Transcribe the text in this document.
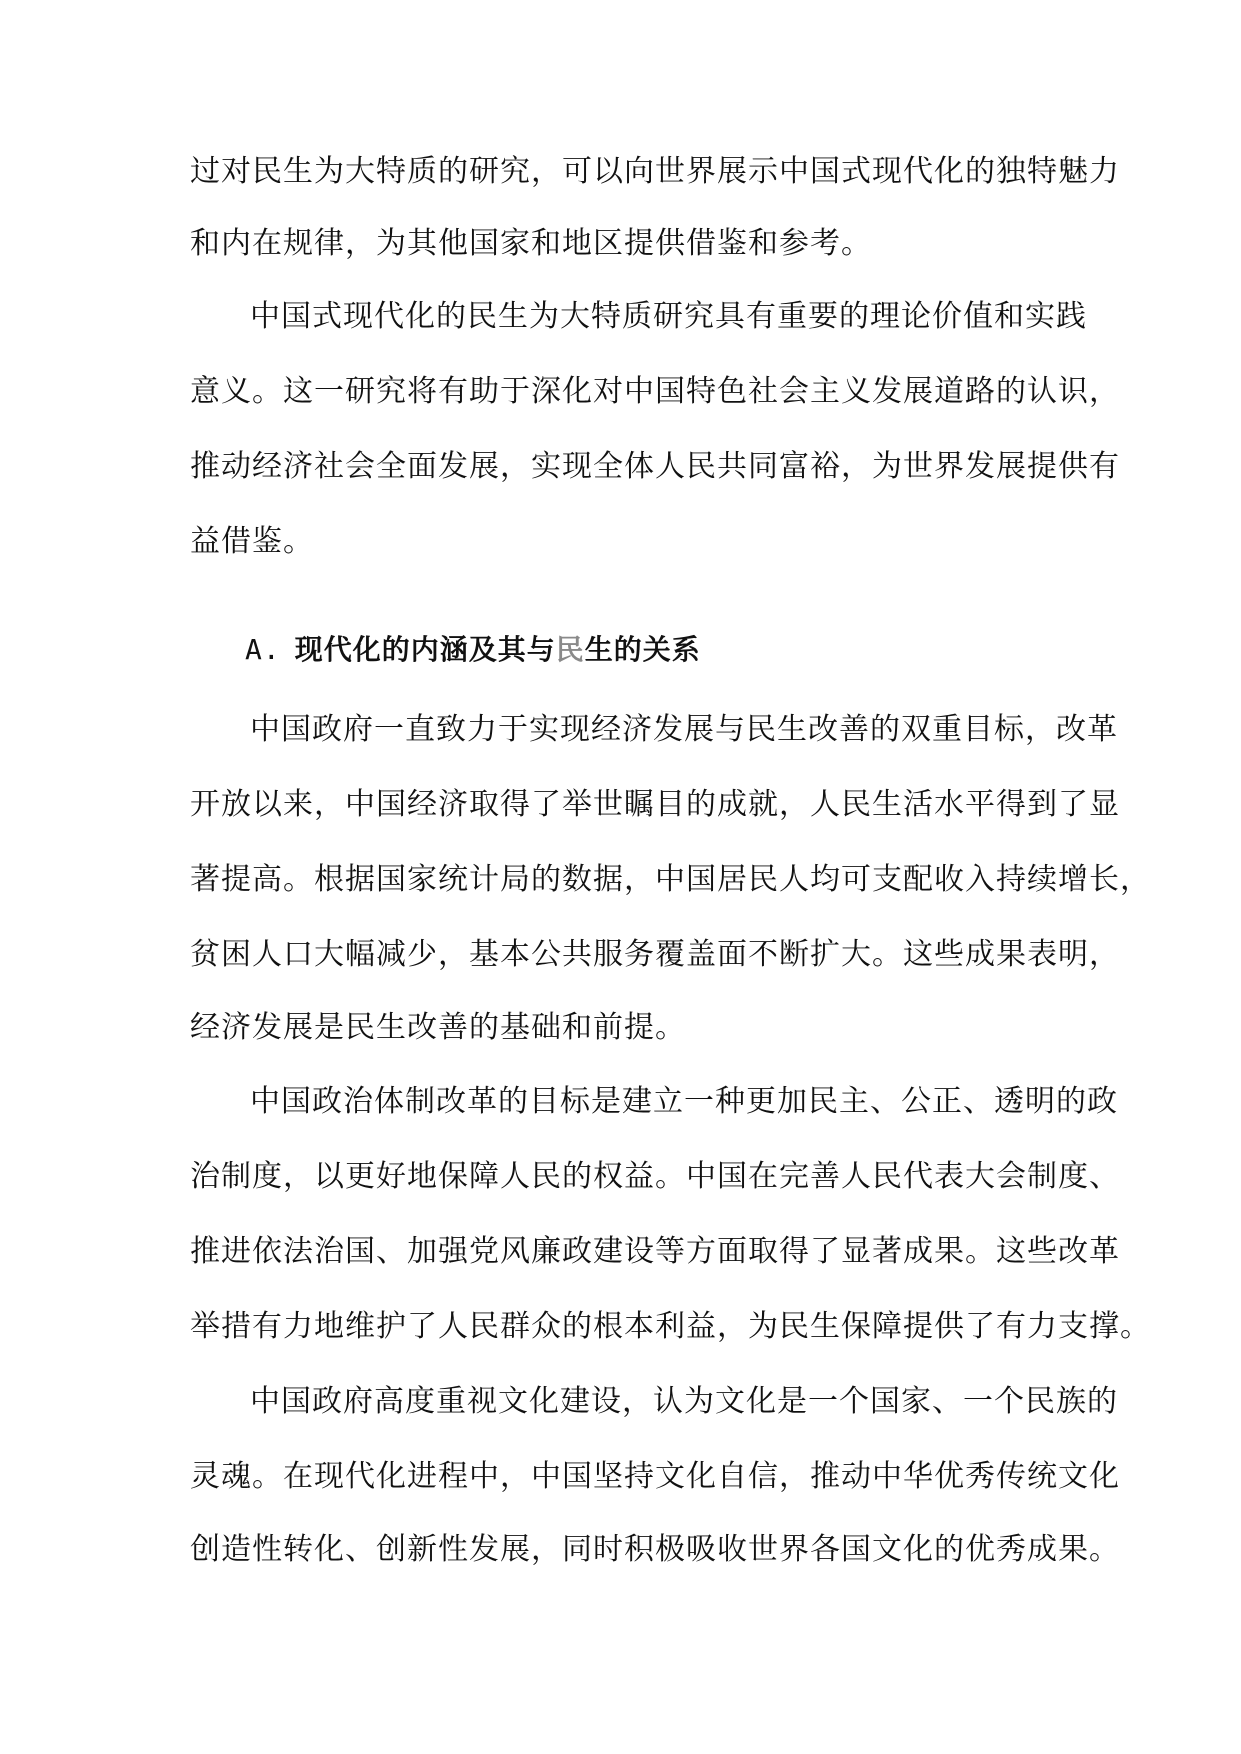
过对民生为大特质的研究，可以向世界展示中国式现代化的独特魅力
和内在规律，为其他国家和地区提供借鉴和参考。
中国式现代化的民生为大特质研究具有重要的理论价值和实践
意义。这一研究将有助于深化对中国特色社会主义发展道路的认识，
推动经济社会全面发展，实现全体人民共同富裕，为世界发展提供有
益借鉴。
A. 现代化的内涵及其与民生的关系
中国政府一直致力于实现经济发展与民生改善的双重目标，改革
开放以来，中国经济取得了举世瞩目的成就，人民生活水平得到了显
著提高。根据国家统计局的数据，中国居民人均可支配收入持续增长，
贫困人口大幅减少，基本公共服务覆盖面不断扩大。这些成果表明，
经济发展是民生改善的基础和前提。
中国政治体制改革的目标是建立一种更加民主、公正、透明的政
治制度，以更好地保障人民的权益。中国在完善人民代表大会制度、
推进依法治国、加强党风廉政建设等方面取得了显著成果。这些改革
举措有力地维护了人民群众的根本利益，为民生保障提供了有力支撑。
中国政府高度重视文化建设，认为文化是一个国家、一个民族的
灵魂。在现代化进程中，中国坚持文化自信，推动中华优秀传统文化
创造性转化、创新性发展，同时积极吸收世界各国文化的优秀成果。
